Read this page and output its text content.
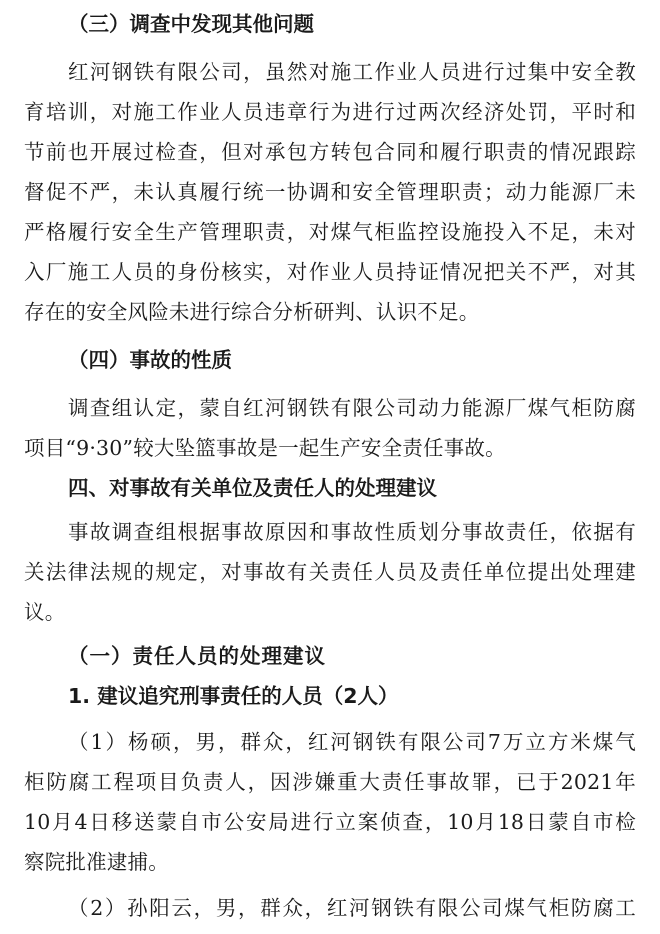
（三）调查中发现其他问题
红河钢铁有限公司，虽然对施工作业人员进行过集中安全教
育培训，对施工作业人员违章行为进行过两次经济处罚，平时和
节前也开展过检查，但对承包方转包合同和履行职责的情况跟踪
督促不严，未认真履行统一协调和安全管理职责；动力能源厂未
严格履行安全生产管理职责，对煤气柜监控设施投入不足，未对
入厂施工人员的身份核实，对作业人员持证情况把关不严，对其
存在的安全风险未进行综合分析研判、认识不足。
（四）事故的性质
调查组认定，蒙自红河钢铁有限公司动力能源厂煤气柜防腐
项目“9·30”较大坠篮事故是一起生产安全责任事故。
四、对事故有关单位及责任人的处理建议
事故调查组根据事故原因和事故性质划分事故责任，依据有
关法律法规的规定，对事故有关责任人员及责任单位提出处理建
议。
（一）责任人员的处理建议
1. 建议追究刑事责任的人员（2人）
（1）杨硕，男，群众，红河钢铁有限公司7万立方米煤气
柜防腐工程项目负责人，因涉嫌重大责任事故罪，已于2021年
10月4日移送蒙自市公安局进行立案侦查，10月18日蒙自市检
察院批准逮捕。
（2）孙阳云，男，群众，红河钢铁有限公司煤气柜防腐工
